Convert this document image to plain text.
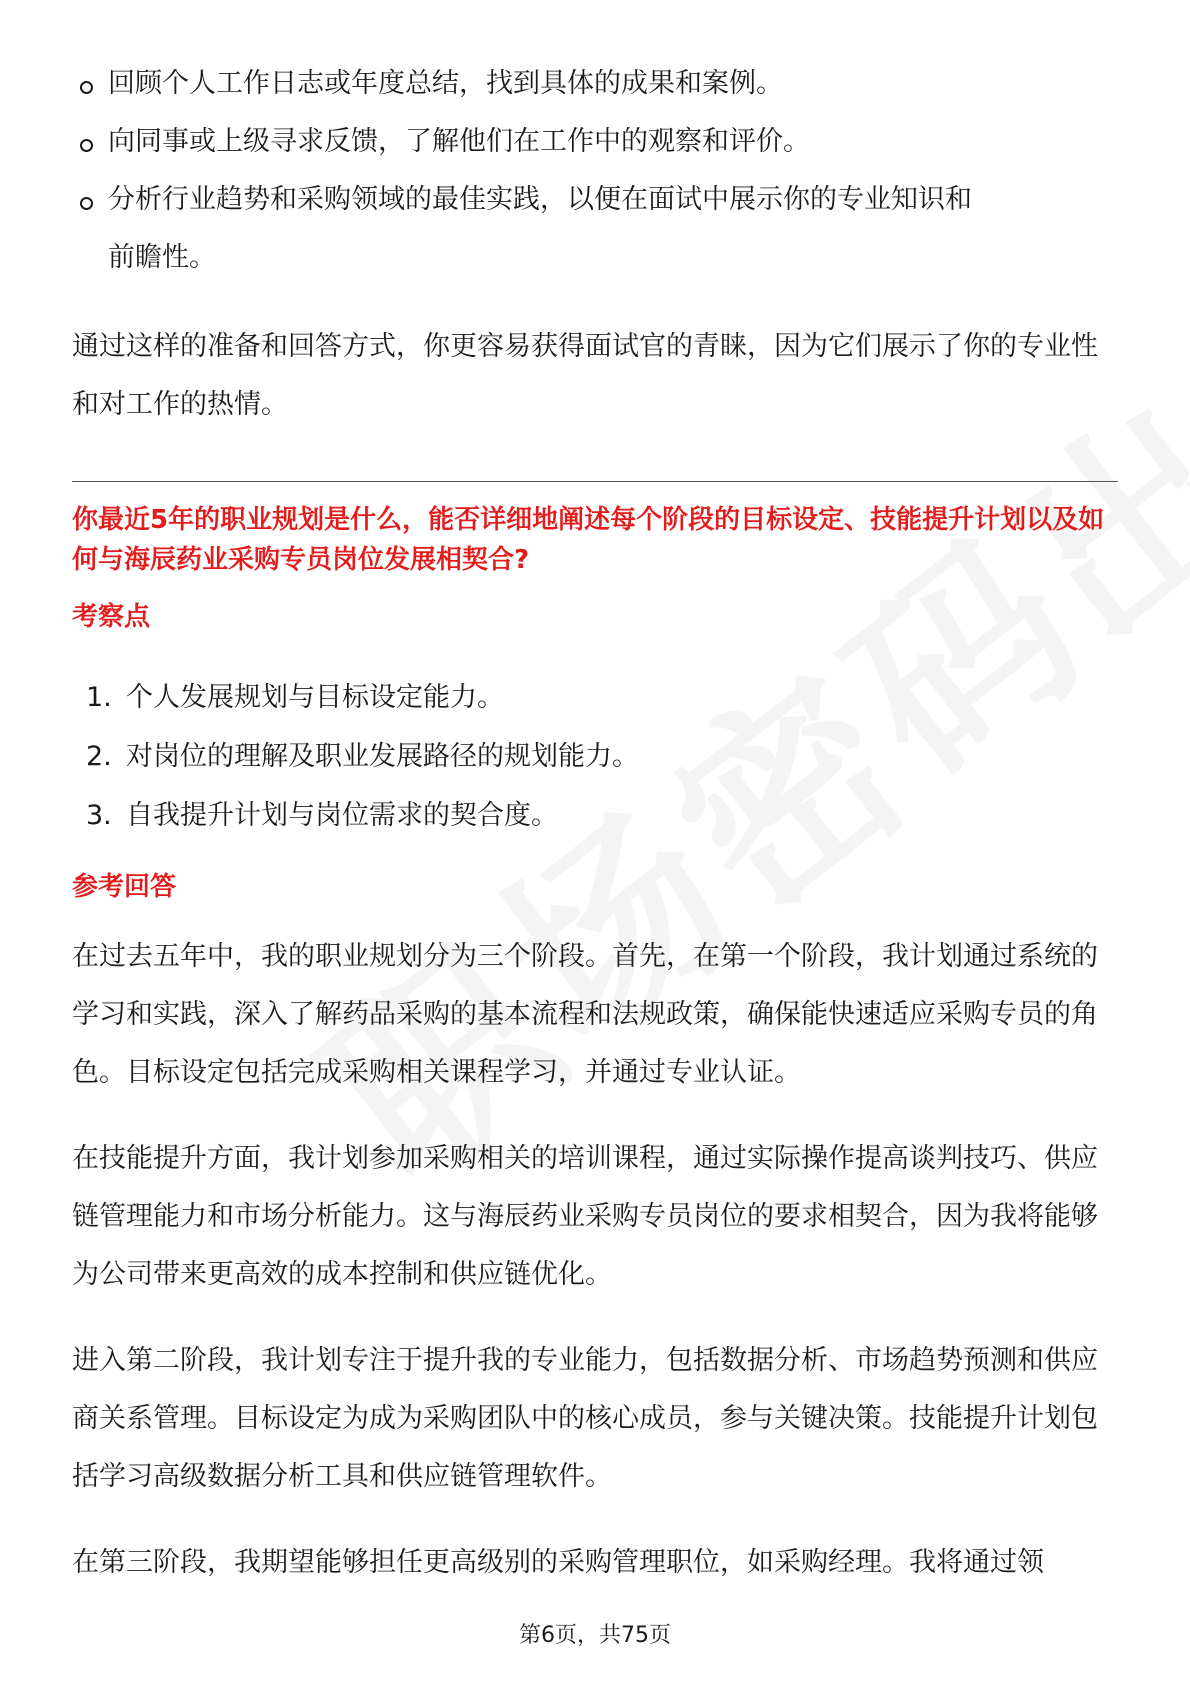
回顾个人工作日志或年度总结，找到具体的成果和案例。
向同事或上级寻求反馈，了解他们在工作中的观察和评价。
分析行业趋势和采购领域的最佳实践，以便在面试中展示你的专业知识和前瞻性。

通过这样的准备和回答方式，你更容易获得面试官的青睐，因为它们展示了你的专业性和对工作的热情。

你最近5年的职业规划是什么，能否详细地阐述每个阶段的目标设定、技能提升计划以及如何与海辰药业采购专员岗位发展相契合?
考察点
1. 个人发展规划与目标设定能力。
2. 对岗位的理解及职业发展路径的规划能力。
3. 自我提升计划与岗位需求的契合度。
参考回答

在过去五年中，我的职业规划分为三个阶段。首先，在第一个阶段，我计划通过系统的学习和实践，深入了解药品采购的基本流程和法规政策，确保能快速适应采购专员的角色。目标设定包括完成采购相关课程学习，并通过专业认证。

在技能提升方面，我计划参加采购相关的培训课程，通过实际操作提高谈判技巧、供应链管理能力和市场分析能力。这与海辰药业采购专员岗位的要求相契合，因为我将能够为公司带来更高效的成本控制和供应链优化。

进入第二阶段，我计划专注于提升我的专业能力，包括数据分析、市场趋势预测和供应商关系管理。目标设定为成为采购团队中的核心成员，参与关键决策。技能提升计划包括学习高级数据分析工具和供应链管理软件。

在第三阶段，我期望能够担任更高级别的采购管理职位，如采购经理。我将通过领

第6页，共75页
